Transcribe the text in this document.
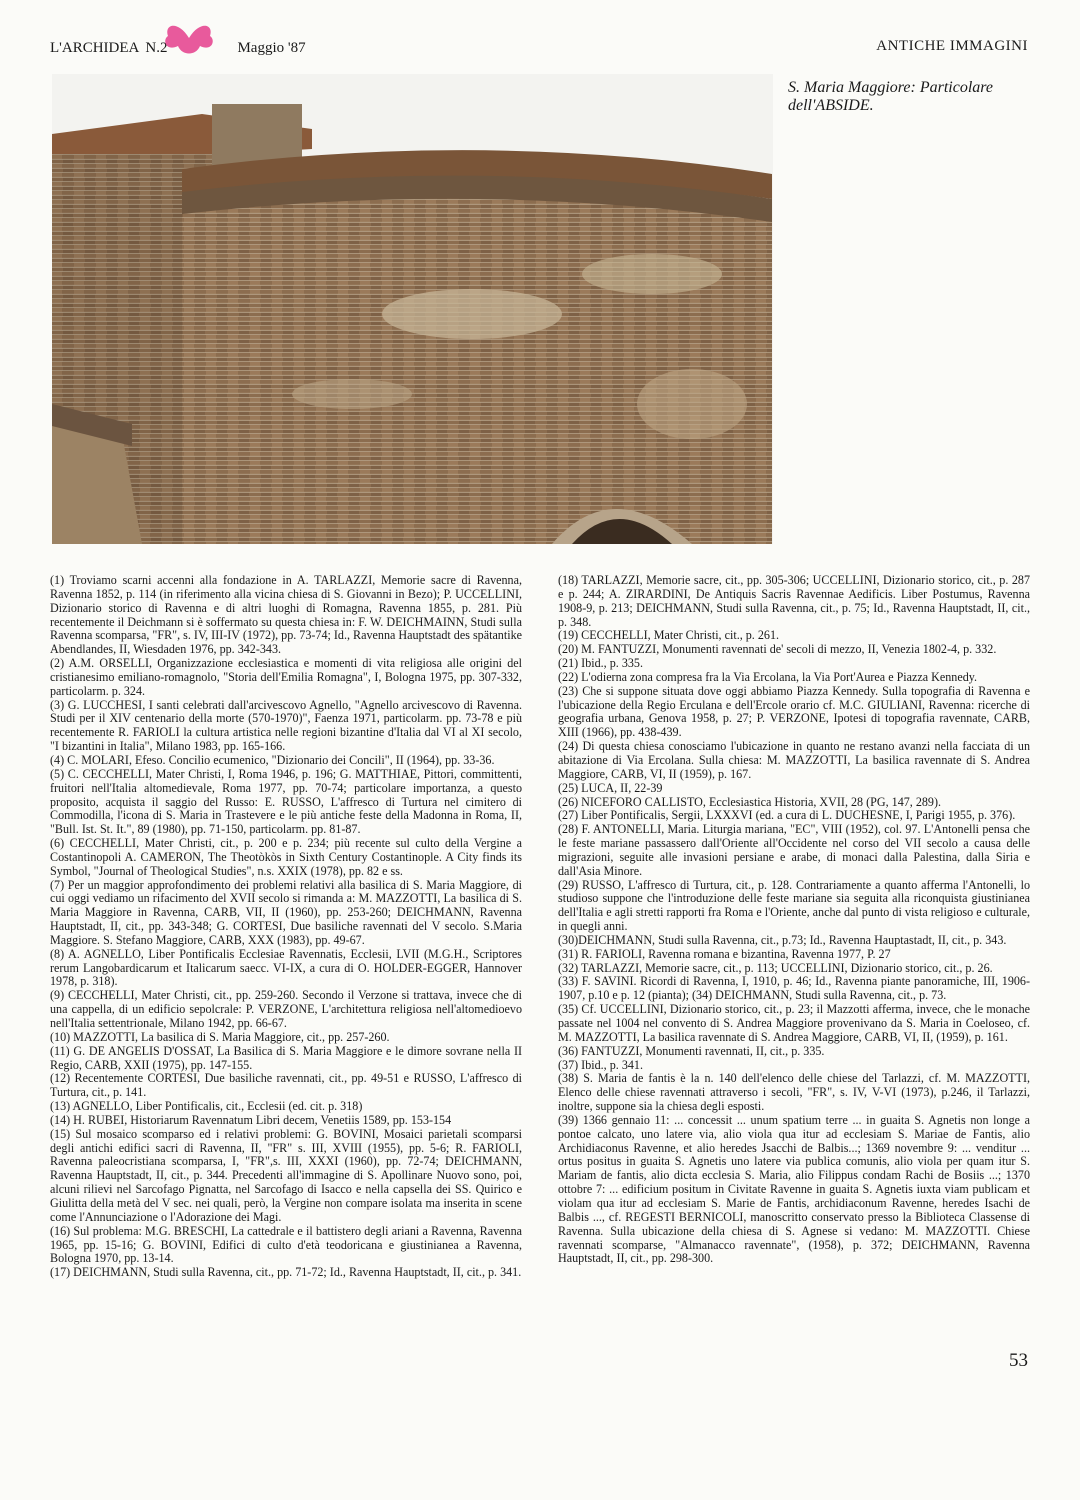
L'ARCHIDEA N.2	Maggio '87	ANTICHE IMMAGINI
S. Maria Maggiore: Particolare
dell'ABSIDE.

(1) Troviamo scarni accenni alla fondazione in A. TARLAZZI, Memorie sacre di Ravenna, Ravenna 1852, p. 114 (in riferimento alla vicina chiesa di S. Giovanni in Bezo); P. UCCELLINI, Dizionario storico di Ravenna e di altri luoghi di Romagna, Ravenna 1855, p. 281. Più recentemente il Deichmann si è soffermato su questa chiesa in: F. W. DEICHMAINN, Studi sulla Ravenna scomparsa, "FR", s. IV, III-IV (1972), pp. 73-74; Id., Ravenna Hauptstadt des spätantike Abendlandes, II, Wiesdaden 1976, pp. 342-343.

(2) A.M. ORSELLI, Organizzazione ecclesiastica e momenti di vita religiosa alle origini del cristianesimo emiliano-romagnolo, "Storia dell'Emilia Romagna", I, Bologna 1975, pp. 307-332, particolarm. p. 324.

(3) G. LUCCHESI, I santi celebrati dall'arcivescovo Agnello, "Agnello arcivescovo di Ravenna. Studi per il XIV centenario della morte (570-1970)", Faenza 1971, particolarm. pp. 73-78 e più recentemente R. FARIOLI la cultura artistica nelle regioni bizantine d'Italia dal VI al XI secolo, "I bizantini in Italia", Milano 1983, pp. 165-166.

(4) C. MOLARI, Efeso. Concilio ecumenico, "Dizionario dei Concili", II (1964), pp. 33-36.

(5) C. CECCHELLI, Mater Christi, I, Roma 1946, p. 196; G. MATTHIAE, Pittori, committenti, fruitori nell'Italia altomedievale, Roma 1977, pp. 70-74; particolare importanza, a questo proposito, acquista il saggio del Russo: E. RUSSO, L'affresco di Turtura nel cimitero di Commodilla, l'icona di S. Maria in Trastevere e le più antiche feste della Madonna in Roma, II, "Bull. Ist. St. It.", 89 (1980), pp. 71-150, particolarm. pp. 81-87.

(6) CECCHELLI, Mater Christi, cit., p. 200 e p. 234; più recente sul culto della Vergine a Costantinopoli A. CAMERON, The Theotòkòs in Sixth Century Costantinople. A City finds its Symbol, "Journal of Theological Studies", n.s. XXIX (1978), pp. 82 e ss.

(7) Per un maggior approfondimento dei problemi relativi alla basilica di S. Maria Maggiore, di cui oggi vediamo un rifacimento del XVII secolo si rimanda a: M. MAZZOTTI, La basilica di S. Maria Maggiore in Ravenna, CARB, VII, II (1960), pp. 253-260; DEICHMANN, Ravenna Hauptstadt, II, cit., pp. 343-348; G. CORTESI, Due basiliche ravennati del V secolo. S.Maria Maggiore. S. Stefano Maggiore, CARB, XXX (1983), pp. 49-67.

(8) A. AGNELLO, Liber Pontificalis Ecclesiae Ravennatis, Ecclesii, LVII (M.G.H., Scriptores rerum Langobardicarum et Italicarum saecc. VI-IX, a cura di O. HOLDER-EGGER, Hannover 1978, p. 318).

(9) CECCHELLI, Mater Christi, cit., pp. 259-260. Secondo il Verzone si trattava, invece che di una cappella, di un edificio sepolcrale: P. VERZONE, L'architettura religiosa nell'altomedioevo nell'Italia settentrionale, Milano 1942, pp. 66-67.

(10) MAZZOTTI, La basilica di S. Maria Maggiore, cit., pp. 257-260.

(11) G. DE ANGELIS D'OSSAT, La Basilica di S. Maria Maggiore e le dimore sovrane nella II Regio, CARB, XXII (1975), pp. 147-155.

(12) Recentemente CORTESI, Due basiliche ravennati, cit., pp. 49-51 e RUSSO, L'affresco di Turtura, cit., p. 141.

(13) AGNELLO, Liber Pontificalis, cit., Ecclesii (ed. cit. p. 318)

(14) H. RUBEI, Historiarum Ravennatum Libri decem, Venetiis 1589, pp. 153-154

(15) Sul mosaico scomparso ed i relativi problemi: G. BOVINI, Mosaici parietali scomparsi degli antichi edifici sacri di Ravenna, II, "FR" s. III, XVIII (1955), pp. 5-6; R. FARIOLI, Ravenna paleocristiana scomparsa, I, "FR",s. III, XXXI (1960), pp. 72-74; DEICHMANN, Ravenna Hauptstadt, II, cit., p. 344. Precedenti all'immagine di S. Apollinare Nuovo sono, poi, alcuni rilievi nel Sarcofago Pignatta, nel Sarcofago di Isacco e nella capsella dei SS. Quirico e Giulitta della metà del V sec. nei quali, però, la Vergine non compare isolata ma inserita in scene come l'Annunciazione o l'Adorazione dei Magi.

(16) Sul problema: M.G. BRESCHI, La cattedrale e il battistero degli ariani a Ravenna, Ravenna 1965, pp. 15-16; G. BOVINI, Edifici di culto d'età teodoricana e giustinianea a Ravenna, Bologna 1970, pp. 13-14.

(17) DEICHMANN, Studi sulla Ravenna, cit., pp. 71-72; Id., Ravenna Hauptstadt, II, cit., p. 341.

(18) TARLAZZI, Memorie sacre, cit., pp. 305-306; UCCELLINI, Dizionario storico, cit., p. 287 e p. 244; A. ZIRARDINI, De Antiquis Sacris Ravennae Aedificis. Liber Postumus, Ravenna 1908-9, p. 213; DEICHMANN, Studi sulla Ravenna, cit., p. 75; Id., Ravenna Hauptstadt, II, cit., p. 348.

(19) CECCHELLI, Mater Christi, cit., p. 261.

(20) M. FANTUZZI, Monumenti ravennati de' secoli di mezzo, II, Venezia 1802-4, p. 332.

(21) Ibid., p. 335.

(22) L'odierna zona compresa fra la Via Ercolana, la Via Port'Aurea e Piazza Kennedy.

(23) Che si suppone situata dove oggi abbiamo Piazza Kennedy. Sulla topografia di Ravenna e l'ubicazione della Regio Erculana e dell'Ercole orario cf. M.C. GIULIANI, Ravenna: ricerche di geografia urbana, Genova 1958, p. 27; P. VERZONE, Ipotesi di topografia ravennate, CARB, XIII (1966), pp. 438-439.

(24) Di questa chiesa conosciamo l'ubicazione in quanto ne restano avanzi nella facciata di un abitazione di Via Ercolana. Sulla chiesa: M. MAZZOTTI, La basilica ravennate di S. Andrea Maggiore, CARB, VI, II (1959), p. 167.

(25) LUCA, II, 22-39

(26) NICEFORO CALLISTO, Ecclesiastica Historia, XVII, 28 (PG, 147, 289).

(27) Liber Pontificalis, Sergii, LXXXVI (ed. a cura di L. DUCHESNE, I, Parigi 1955, p. 376).

(28) F. ANTONELLI, Maria. Liturgia mariana, "EC", VIII (1952), col. 97. L'Antonelli pensa che le feste mariane passassero dall'Oriente all'Occidente nel corso del VII secolo a causa delle migrazioni, seguite alle invasioni persiane e arabe, di monaci dalla Palestina, dalla Siria e dall'Asia Minore.

(29) RUSSO, L'affresco di Turtura, cit., p. 128. Contrariamente a quanto afferma l'Antonelli, lo studioso suppone che l'introduzione delle feste mariane sia seguita alla riconquista giustinianea dell'Italia e agli stretti rapporti fra Roma e l'Oriente, anche dal punto di vista religioso e culturale, in quegli anni.

(30)DEICHMANN, Studi sulla Ravenna, cit., p.73; Id., Ravenna Hauptastadt, II, cit., p. 343.

(31) R. FARIOLI, Ravenna romana e bizantina, Ravenna 1977, P. 27

(32) TARLAZZI, Memorie sacre, cit., p. 113; UCCELLINI, Dizionario storico, cit., p. 26.

(33) F. SAVINI. Ricordi di Ravenna, I, 1910, p. 46; Id., Ravenna piante panoramiche, III, 1906-1907, p.10 e p. 12 (pianta); (34) DEICHMANN, Studi sulla Ravenna, cit., p. 73.

(35) Cf. UCCELLINI, Dizionario storico, cit., p. 23; il Mazzotti afferma, invece, che le monache passate nel 1004 nel convento di S. Andrea Maggiore provenivano da S. Maria in Coeloseo, cf. M. MAZZOTTI, La basilica ravennate di S. Andrea Maggiore, CARB, VI, II, (1959), p. 161.

(36) FANTUZZI, Monumenti ravennati, II, cit., p. 335.

(37) Ibid., p. 341.

(38) S. Maria de fantis è la n. 140 dell'elenco delle chiese del Tarlazzi, cf. M. MAZZOTTI, Elenco delle chiese ravennati attraverso i secoli, "FR", s. IV, V-VI (1973), p.246, il Tarlazzi, inoltre, suppone sia la chiesa degli esposti.

(39) 1366 gennaio 11: ... concessit ... unum spatium terre ... in guaita S. Agnetis non longe a pontoe calcato, uno latere via, alio viola qua itur ad ecclesiam S. Mariae de Fantis, alio Archidiaconus Ravenne, et alio heredes Jsacchi de Balbis...; 1369 novembre 9: ... venditur ... ortus positus in guaita S. Agnetis uno latere via publica comunis, alio viola per quam itur S. Mariam de fantis, alio dicta ecclesia S. Maria, alio Filippus condam Rachi de Bosiis ...; 1370 ottobre 7: ... edificium positum in Civitate Ravenne in guaita S. Agnetis iuxta viam publicam et violam qua itur ad ecclesiam S. Marie de Fantis, archidiaconum Ravenne, heredes Isachi de Balbis ..., cf. REGESTI BERNICOLI, manoscritto conservato presso la Biblioteca Classense di Ravenna. Sulla ubicazione della chiesa di S. Agnese si vedano: M. MAZZOTTI. Chiese ravennati scomparse, "Almanacco ravennate", (1958), p. 372; DEICHMANN, Ravenna Hauptstadt, II, cit., pp. 298-300.

53
